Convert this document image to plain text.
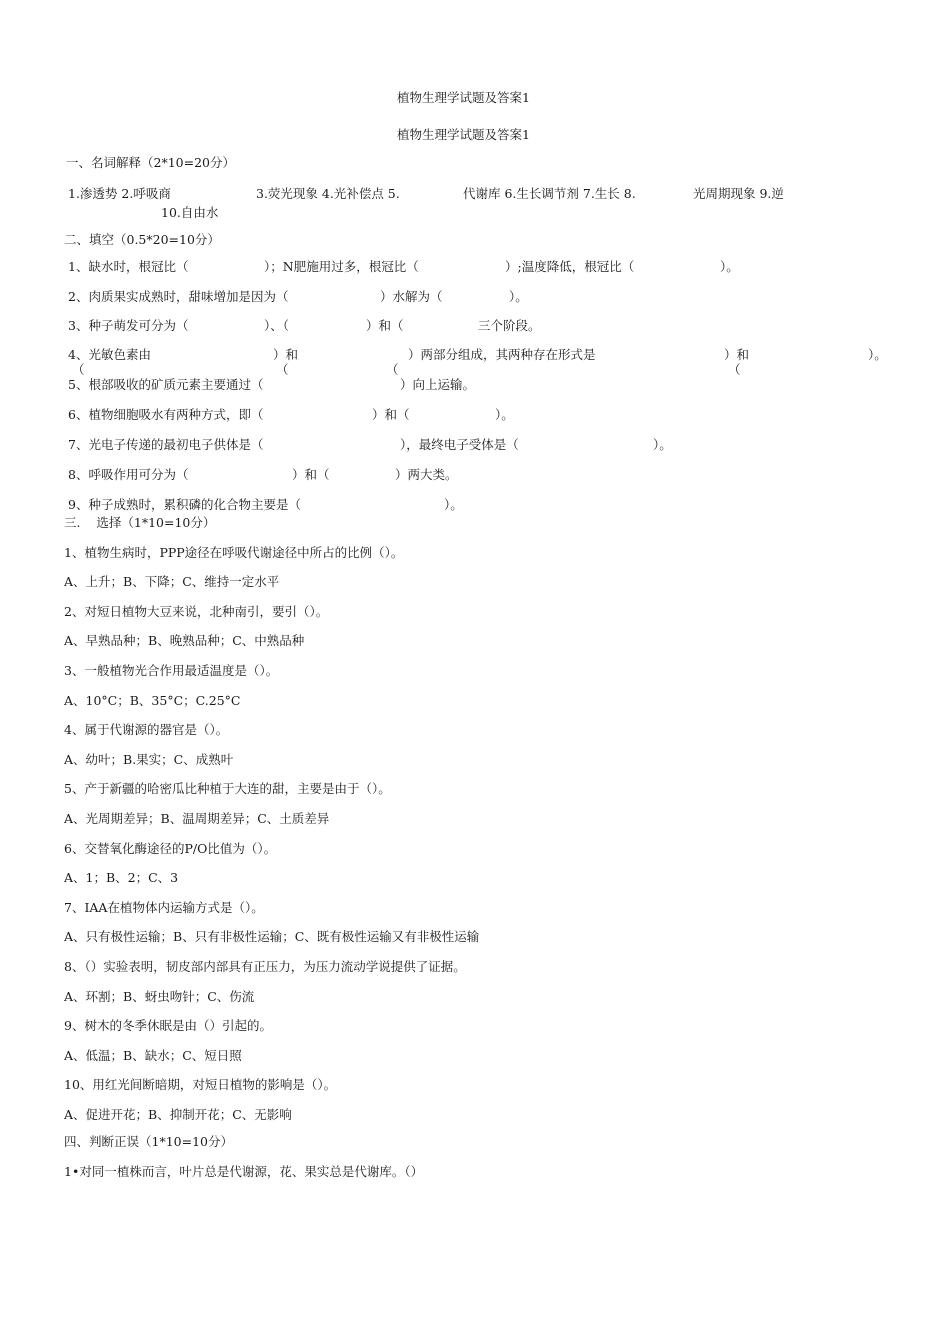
植物生理学试题及答案1
植物生理学试题及答案1
一、名词解释（2*10=20分）
1.渗透势 2.呼吸商	3.荧光现象 4.光补偿点 5.	代谢库 6.生长调节剂 7.生长 8.	光周期现象 9.逆
10.自由水
二、填空（0.5*20=10分）
1、缺水时，根冠比（	）；N肥施用过多，根冠比（	）;温度降低，根冠比（	）。
2、肉质果实成熟时，甜味增加是因为（	）水解为（	）。
3、种子萌发可分为（	）、（	）和（	三个阶段。
4、光敏色素由	）和	）两部分组成，其两种存在形式是	）和	）。
（	（	（	（
5、根部吸收的矿质元素主要通过（	）向上运输。
6、植物细胞吸水有两种方式，即（	）和（	）。
7、光电子传递的最初电子供体是（	），最终电子受体是（	）。
8、呼吸作用可分为（	）和（	）两大类。
9、种子成熟时，累积磷的化合物主要是（	）。
三.    选择（1*10=10分）
1、植物生病时，PPP途径在呼吸代谢途径中所占的比例（）。
A、上升；B、下降；C、维持一定水平
2、对短日植物大豆来说，北种南引，要引（）。
A、早熟品种；B、晚熟品种；C、中熟品种
3、一般植物光合作用最适温度是（）。
A、10°C；B、35°C；C.25°C
4、属于代谢源的器官是（）。
A、幼叶；B.果实；C、成熟叶
5、产于新疆的哈密瓜比种植于大连的甜，主要是由于（）。
A、光周期差异；B、温周期差异；C、土质差异
6、交替氧化酶途径的P/O比值为（）。
A、1；B、2；C、3
7、IAA在植物体内运输方式是（）。
A、只有极性运输；B、只有非极性运输；C、既有极性运输又有非极性运输
8、（）实验表明，韧皮部内部具有正压力，为压力流动学说提供了证据。
A、环割；B、蚜虫吻针；C、伤流
9、树木的冬季休眠是由（）引起的。
A、低温；B、缺水；C、短日照
10、用红光间断暗期，对短日植物的影响是（）。
A、促进开花；B、抑制开花；C、无影响
四、判断正误（1*10=10分）
1•对同一植株而言，叶片总是代谢源，花、果实总是代谢库。（）
